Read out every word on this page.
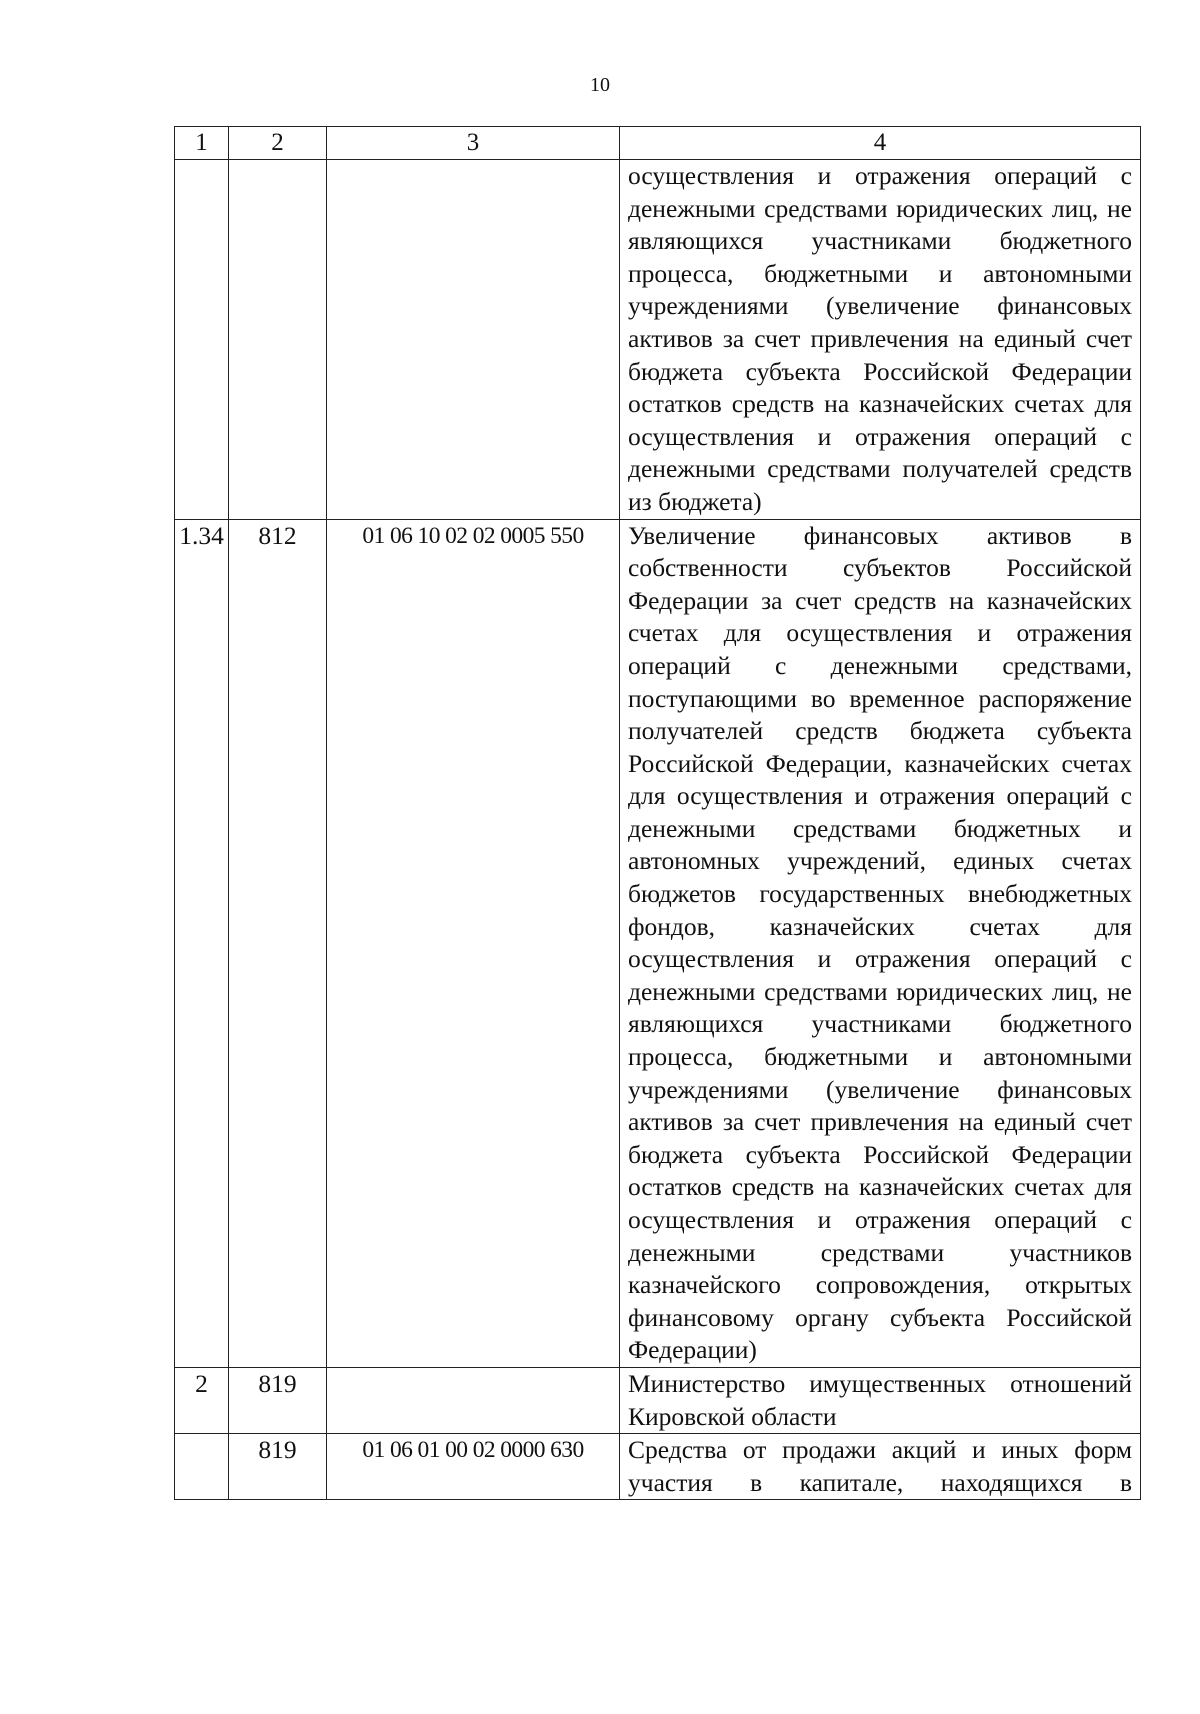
10
1	2	3	4
			осуществления и отражения операций с денежными средствами юридических лиц, не являющихся участниками бюджетного процесса, бюджетными и автономными учреждениями (увеличение финансовых активов за счет привлечения на единый счет бюджета субъекта Российской Федерации остатков средств на казначейских счетах для осуществления и отражения операций с денежными средствами получателей средств из бюджета)
1.34	812	01 06 10 02 02 0005 550	Увеличение финансовых активов в собственности субъектов Российской Федерации за счет средств на казначейских счетах для осуществления и отражения операций с денежными средствами, поступающими во временное распоряжение получателей средств бюджета субъекта Российской Федерации, казначейских счетах для осуществления и отражения операций с денежными средствами бюджетных и автономных учреждений, единых счетах бюджетов государственных внебюджетных фондов, казначейских счетах для осуществления и отражения операций с денежными средствами юридических лиц, не являющихся участниками бюджетного процесса, бюджетными и автономными учреждениями (увеличение финансовых активов за счет привлечения на единый счет бюджета субъекта Российской Федерации остатков средств на казначейских счетах для осуществления и отражения операций с денежными средствами участников казначейского сопровождения, открытых финансовому органу субъекта Российской Федерации)
2	819		Министерство имущественных отношений Кировской области
	819	01 06 01 00 02 0000 630	Средства от продажи акций и иных форм участия в капитале, находящихся в
